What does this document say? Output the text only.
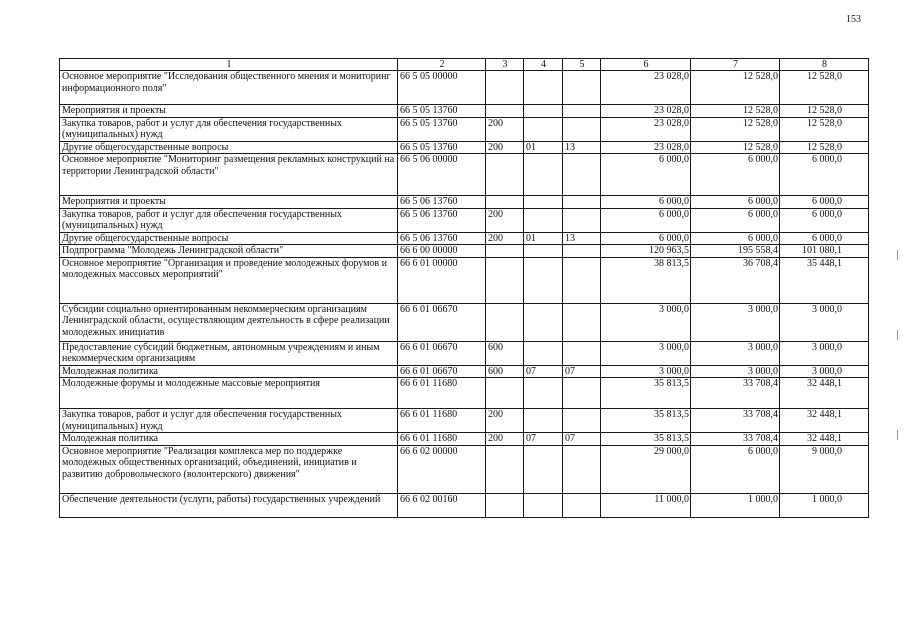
153
1	2	3	4	5	6	7	8
Основное мероприятие "Исследования общественного мнения и мониторинг информационного поля"	66 5 05 00000				23 028,0	12 528,0	12 528,0
Мероприятия и проекты	66 5 05 13760				23 028,0	12 528,0	12 528,0
Закупка товаров, работ и услуг для обеспечения государственных (муниципальных) нужд	66 5 05 13760	200			23 028,0	12 528,0	12 528,0
Другие общегосударственные вопросы	66 5 05 13760	200	01	13	23 028,0	12 528,0	12 528,0
Основное мероприятие "Мониторинг размещения рекламных конструкций на территории Ленинградской области"	66 5 06 00000				6 000,0	6 000,0	6 000,0
Мероприятия и проекты	66 5 06 13760				6 000,0	6 000,0	6 000,0
Закупка товаров, работ и услуг для обеспечения государственных (муниципальных) нужд	66 5 06 13760	200			6 000,0	6 000,0	6 000,0
Другие общегосударственные вопросы	66 5 06 13760	200	01	13	6 000,0	6 000,0	6 000,0
Подпрограмма "Молодежь Ленинградской области"	66 6 00 00000				120 963,5	195 558,4	101 080,1
Основное мероприятие "Организация и проведение молодежных форумов и молодежных массовых мероприятий"	66 6 01 00000				38 813,5	36 708,4	35 448,1
Субсидии социально ориентированным некоммерческим организациям Ленинградской области, осуществляющим деятельность в сфере реализации молодежных инициатив	66 6 01 06670				3 000,0	3 000,0	3 000,0
Предоставление субсидий бюджетным, автономным учреждениям и иным некоммерческим организациям	66 6 01 06670	600			3 000,0	3 000,0	3 000,0
Молодежная политика	66 6 01 06670	600	07	07	3 000,0	3 000,0	3 000,0
Молодежные форумы и молодежные массовые мероприятия	66 6 01 11680				35 813,5	33 708,4	32 448,1
Закупка товаров, работ и услуг для обеспечения государственных (муниципальных) нужд	66 6 01 11680	200			35 813,5	33 708,4	32 448,1
Молодежная политика	66 6 01 11680	200	07	07	35 813,5	33 708,4	32 448,1
Основное мероприятие "Реализация комплекса мер по поддержке молодежных общественных организаций, объединений, инициатив и развитию добровольческого (волонтерского) движения"	66 6 02 00000				29 000,0	6 000,0	9 000,0
Обеспечение деятельности (услуги, работы) государственных учреждений	66 6 02 00160				11 000,0	1 000,0	1 000,0
